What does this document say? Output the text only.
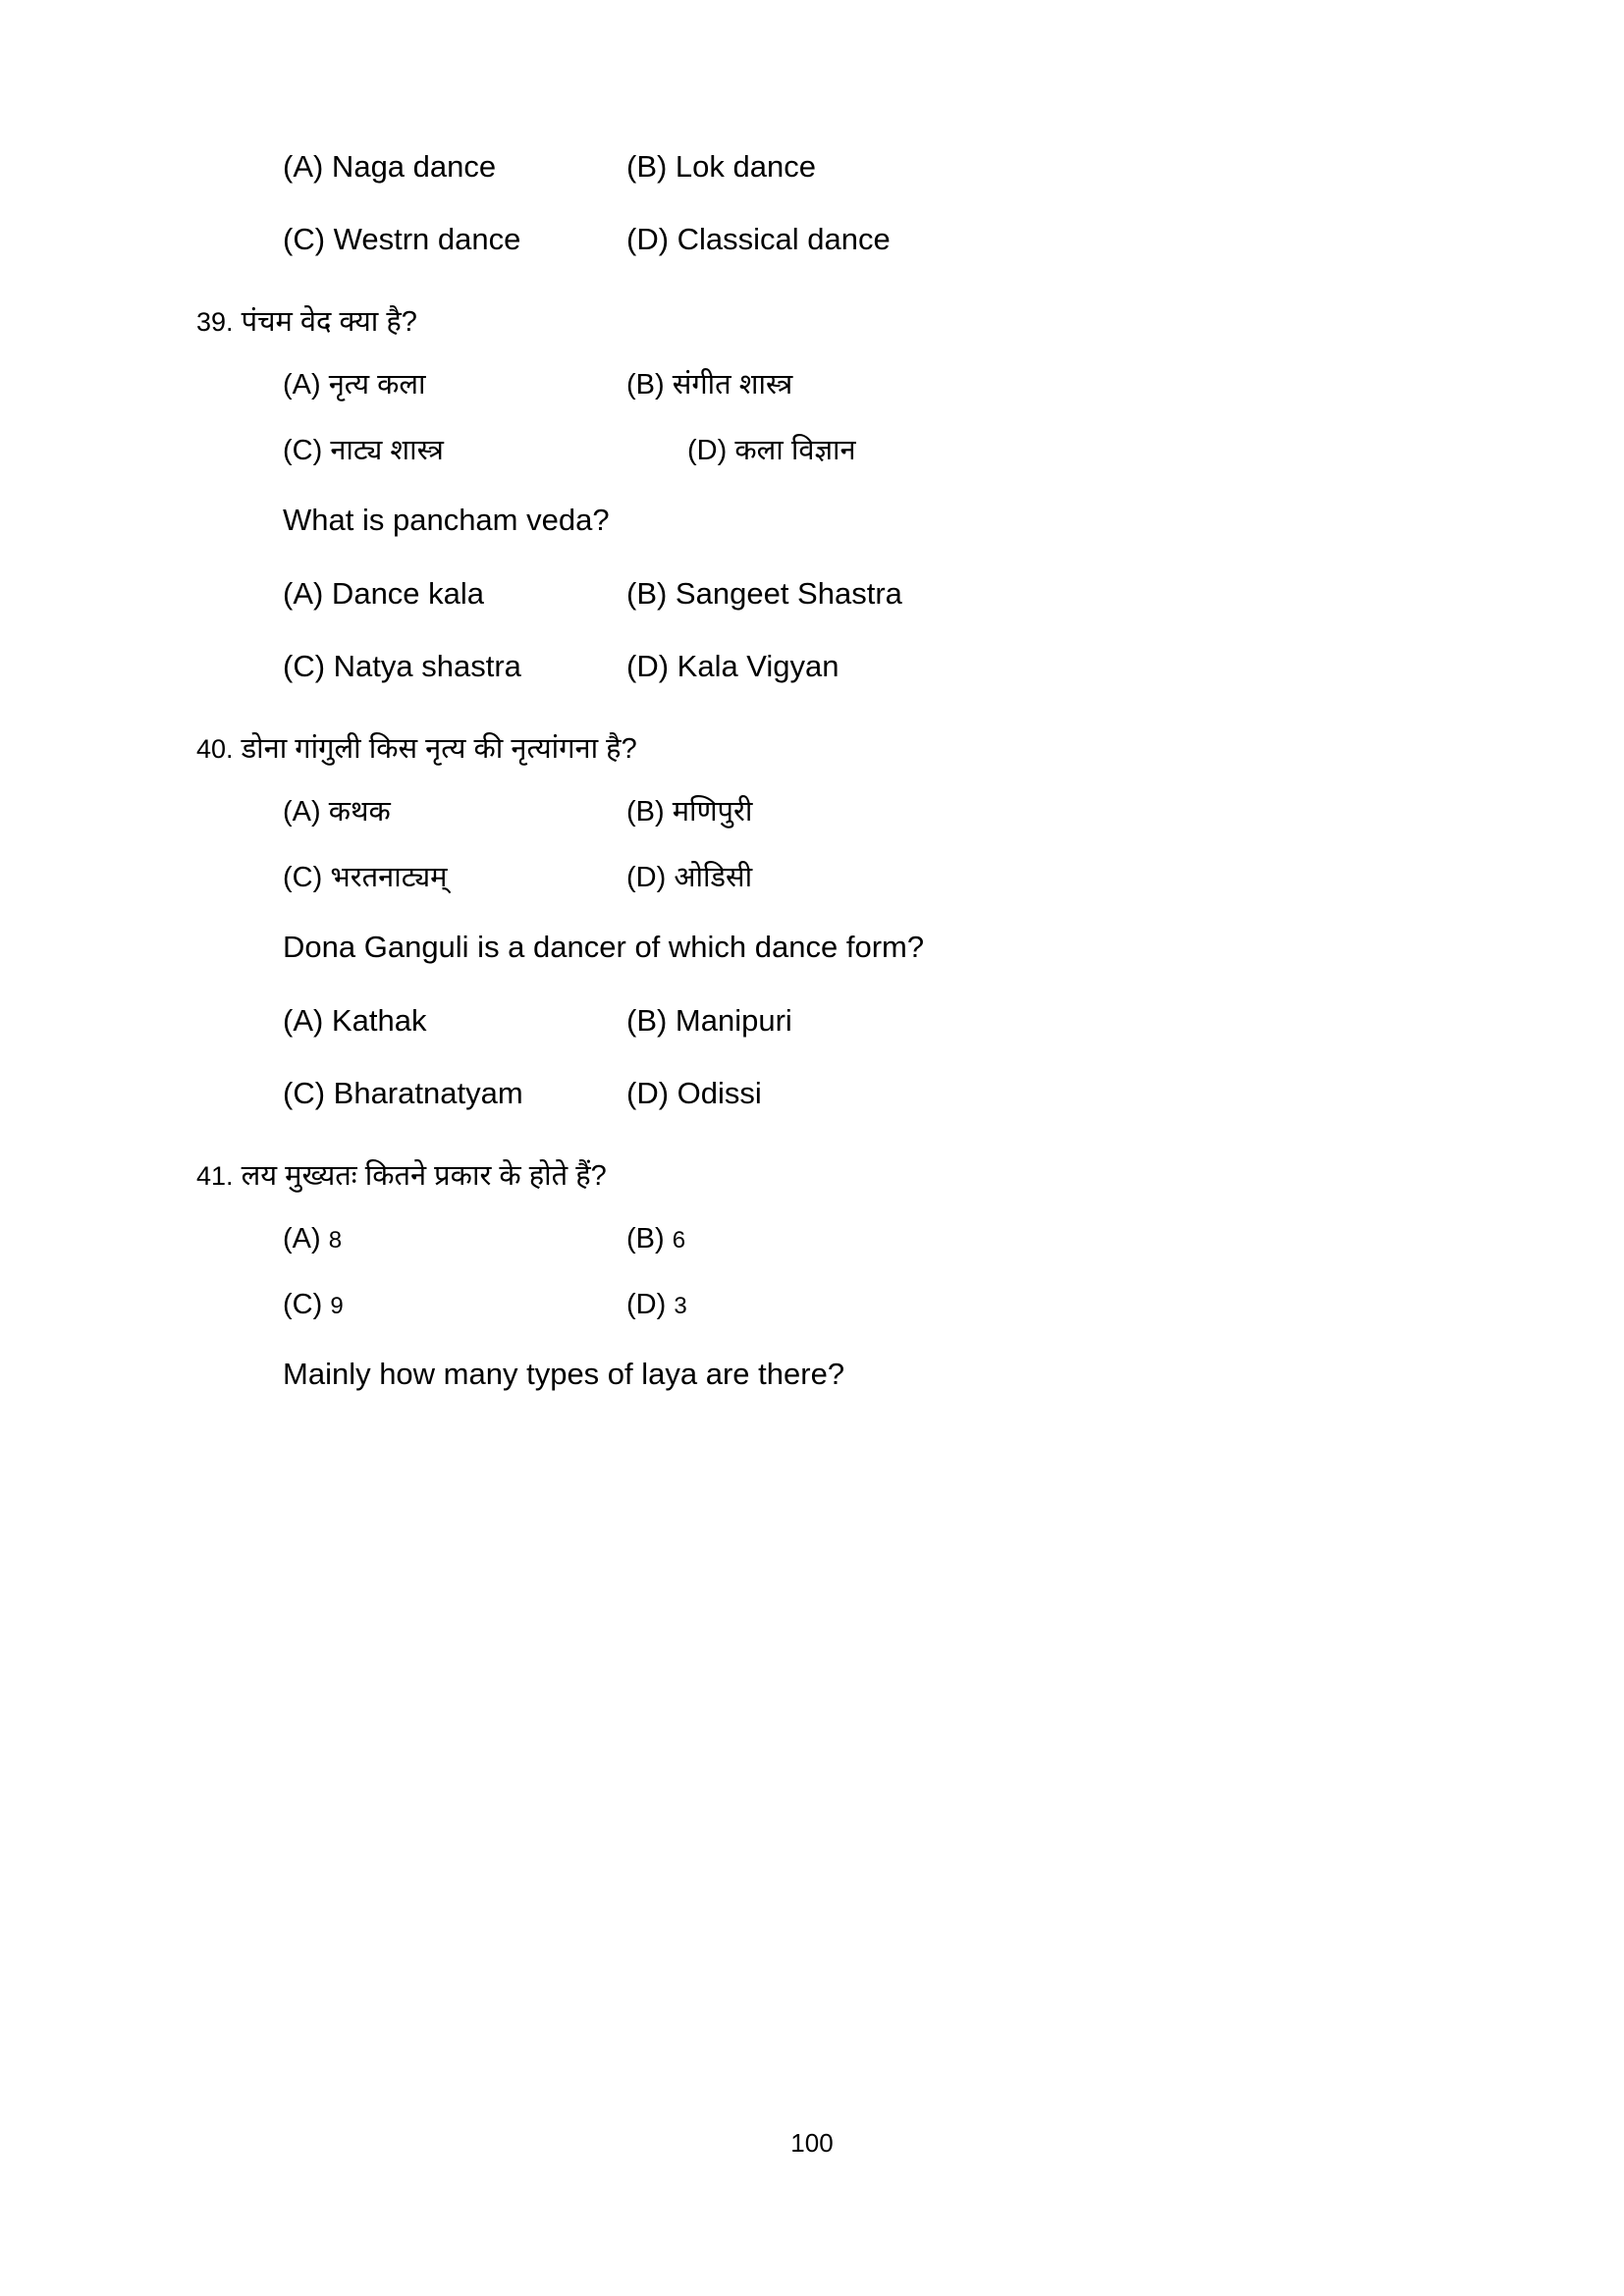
(A) Naga dance	(B) Lok dance
(C) Westrn dance	(D) Classical dance

39. पंचम वेद क्या है?

(A) नृत्य कला	(B) संगीत शास्त्र
(C) नाट्य शास्त्र	(D) कला विज्ञान

What is pancham veda?

(A) Dance kala	(B) Sangeet Shastra
(C) Natya shastra	(D) Kala Vigyan

40. डोना गांगुली किस नृत्य की नृत्यांगना है?

(A) कथक	(B) मणिपुरी
(C) भरतनाट्यम्	(D) ओडिसी

Dona Ganguli is a dancer of which dance form?

(A) Kathak	(B) Manipuri
(C) Bharatnatyam	(D) Odissi

41. लय मुख्यतः कितने प्रकार के होते हैं?

(A) 8	(B) 6
(C) 9	(D) 3

Mainly how many types of laya are there?

100
